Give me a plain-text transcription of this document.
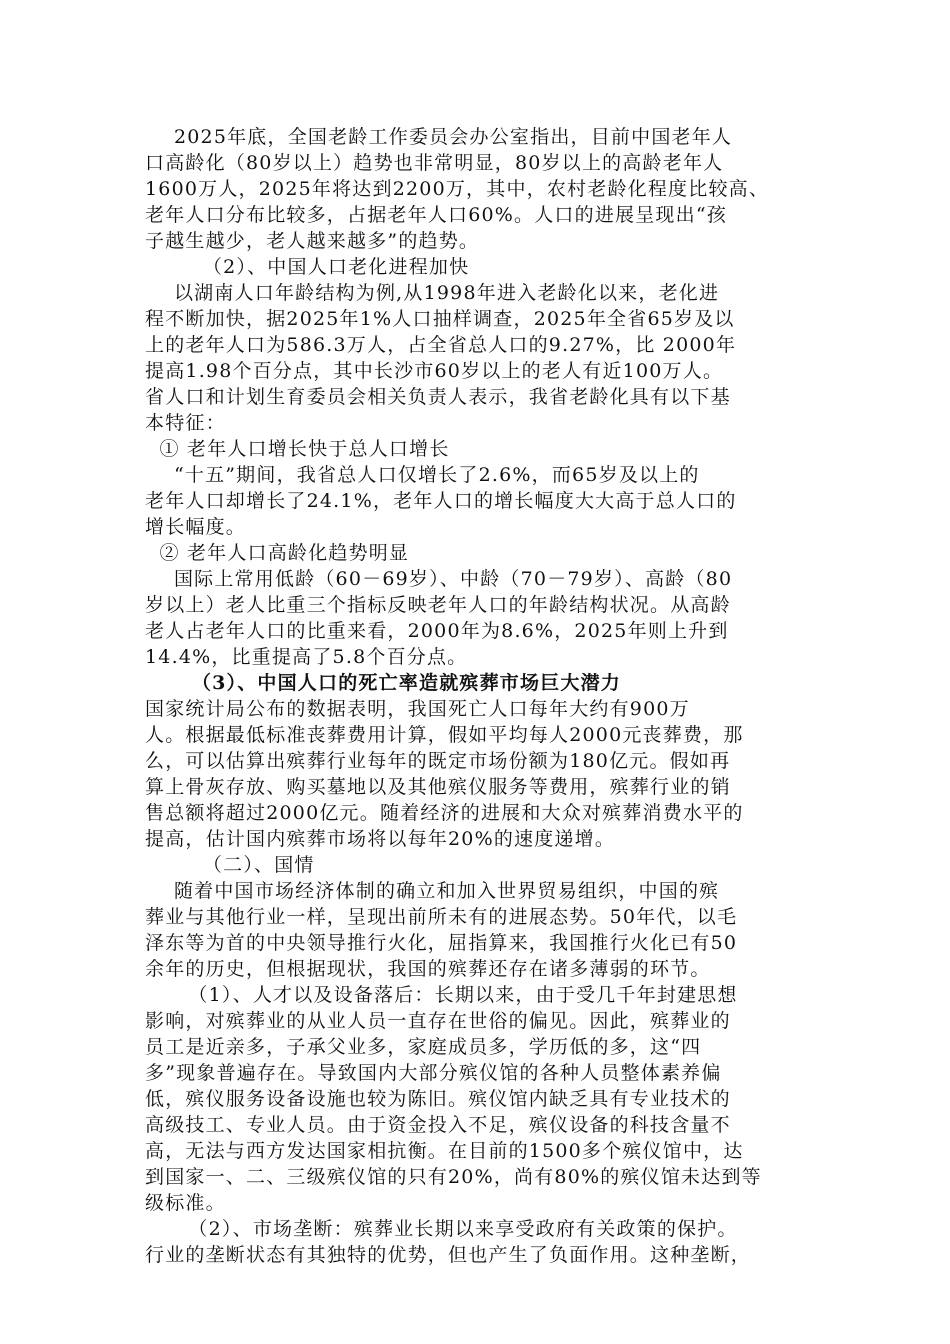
2025年底，全国老龄工作委员会办公室指出，目前中国老年人
口高龄化（80岁以上）趋势也非常明显，80岁以上的高龄老年人
1600万人，2025年将达到2200万，其中，农村老龄化程度比较高、
老年人口分布比较多，占据老年人口60%。人口的进展呈现出“孩
子越生越少，老人越来越多”的趋势。
（2）、中国人口老化进程加快
以湖南人口年龄结构为例,从1998年进入老龄化以来，老化进
程不断加快，据2025年1%人口抽样调查，2025年全省65岁及以
上的老年人口为586.3万人，占全省总人口的9.27%，比 2000年
提高1.98个百分点，其中长沙市60岁以上的老人有近100万人。
省人口和计划生育委员会相关负责人表示，我省老龄化具有以下基
本特征：
① 老年人口增长快于总人口增长
“十五”期间，我省总人口仅增长了2.6%，而65岁及以上的
老年人口却增长了24.1%，老年人口的增长幅度大大高于总人口的
增长幅度。
② 老年人口高龄化趋势明显
国际上常用低龄（60－69岁）、中龄（70－79岁）、高龄（80
岁以上）老人比重三个指标反映老年人口的年龄结构状况。从高龄
老人占老年人口的比重来看，2000年为8.6%，2025年则上升到
14.4%，比重提高了5.8个百分点。
（3）、中国人口的死亡率造就殡葬市场巨大潜力
国家统计局公布的数据表明，我国死亡人口每年大约有900万
人。根据最低标准丧葬费用计算，假如平均每人2000元丧葬费，那
么，可以估算出殡葬行业每年的既定市场份额为180亿元。假如再
算上骨灰存放、购买墓地以及其他殡仪服务等费用，殡葬行业的销
售总额将超过2000亿元。随着经济的进展和大众对殡葬消费水平的
提高，估计国内殡葬市场将以每年20%的速度递增。
（二）、国情
随着中国市场经济体制的确立和加入世界贸易组织，中国的殡
葬业与其他行业一样，呈现出前所未有的进展态势。50年代，以毛
泽东等为首的中央领导推行火化，屈指算来，我国推行火化已有50
余年的历史，但根据现状，我国的殡葬还存在诸多薄弱的环节。
（1）、人才以及设备落后：长期以来，由于受几千年封建思想
影响，对殡葬业的从业人员一直存在世俗的偏见。因此，殡葬业的
员工是近亲多，子承父业多，家庭成员多，学历低的多，这“四
多”现象普遍存在。导致国内大部分殡仪馆的各种人员整体素养偏
低，殡仪服务设备设施也较为陈旧。殡仪馆内缺乏具有专业技术的
高级技工、专业人员。由于资金投入不足，殡仪设备的科技含量不
高，无法与西方发达国家相抗衡。在目前的1500多个殡仪馆中，达
到国家一、二、三级殡仪馆的只有20%，尚有80%的殡仪馆未达到等
级标准。
（2）、市场垄断：殡葬业长期以来享受政府有关政策的保护。
行业的垄断状态有其独特的优势，但也产生了负面作用。这种垄断，
